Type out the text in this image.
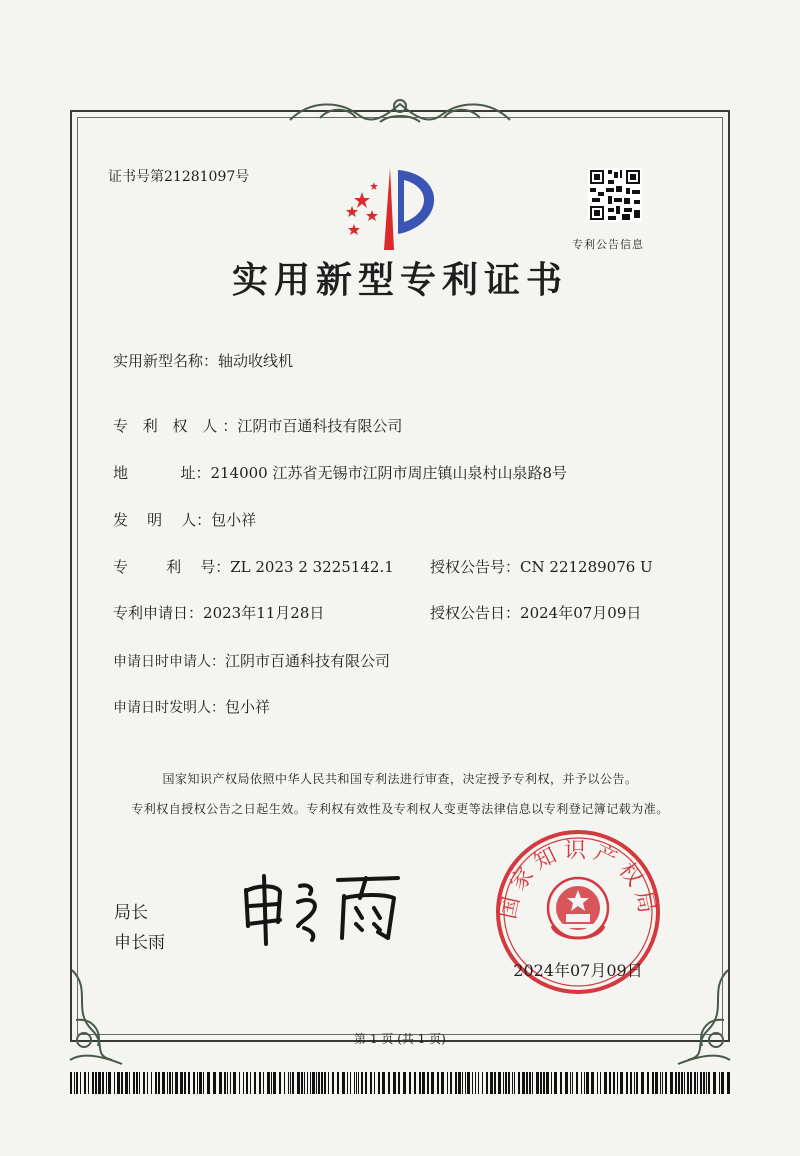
证书号第21281097号
专利公告信息
实用新型专利证书
实用新型名称：轴动收线机
专 利 权 人：江阴市百通科技有限公司
地           址：214000 江苏省无锡市江阴市周庄镇山泉村山泉路8号
发    明    人：包小祥
专        利    号：ZL 2023 2 3225142.1 授权公告号：CN 221289076 U
专利申请日：2023年11月28日	授权公告日：2024年07月09日
申请日时申请人：江阴市百通科技有限公司
申请日时发明人：包小祥
国家知识产权局依照中华人民共和国专利法进行审查，决定授予专利权，并予以公告。
专利权自授权公告之日起生效。专利权有效性及专利权人变更等法律信息以专利登记簿记载为准。
局长
申长雨
国家知识产权局
2024年07月09日
第 1 页 (共 1 页)
